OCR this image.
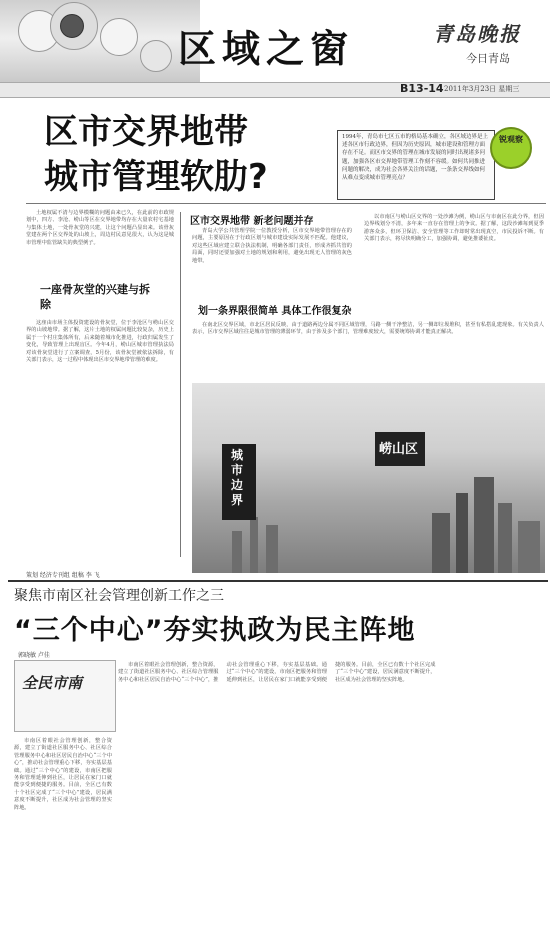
区域之窗	青岛晚报
今日青岛
B13-14 2011年3月23日 星期三
区市交界地带
城市管理软肋?
1994年，青岛市七区五市的格局基本确立，各区域边界是上述各区市行政边界，但因为历史原因，城市建设和管理方面存在不足。而区市交界的管理在城市发展的同时出现诸多问题，加强各区市交界地带管理工作刻不容缓。如何共同推进问题的解决，成为社会各界关注的话题，一条条交界线如何从难点变成城市管理亮点？
锐观察

土地权属不清与边界模糊的问题由来已久，在此前的市政规划中，四方、李沧、崂山等区在交界地带均存在大量农村宅基地与集体土地，一处骨灰堂的兴建，让这个问题凸显出来。该骨灰堂建在两个区交界处的山坡上，周边村民意见很大，认为这是城市管理中监管缺失的典型例子。

一座骨灰堂的兴建与拆除

这座由市场主体投资建设的骨灰堂，位于李沧区与崂山区交界的山坡地带。据了解，这片土地的权属问题比较复杂，历史上属于一个村庄集体所有，后来随着城市化推进，行政归属发生了变化，导致管理上出现盲区。今年4月，崂山区城市管理执法局对该骨灰堂进行了立案调查，5月份，该骨灰堂被依法拆除，有关部门表示，这一过程中体现出区市交界地带管理的难度。

区市交界地带 新老问题并存

青岛大学公共管理学院一位教授分析，区市交界地带管理存在的问题，主要原因在于行政区划与城市建设实际发展不匹配。他建议，对这些区域应建立联合执法机制，明确各部门责任，形成齐抓共管的局面，同时还要加强对土地的规划和利用，避免出现无人管理的灰色地带。

以市南区与崂山区交界的一处沙滩为例，崂山区与市南区在此分界，但因边界线划分不清，多年来一直存在管理上的争议。据了解，这段沙滩每到夏季游客众多，但环卫保洁、安全管理等工作却时常出现真空，市民投诉不断。有关部门表示，将尽快明确分工，加强协调，避免推诿扯皮。

划一条界限很简单 具体工作很复杂

在南北区交界区域，市北区居民反映，由于道路两边分属不同区域管理，马路一侧干净整洁，另一侧却垃圾堆积，甚至有私搭乱建现象。有关负责人表示，区市交界区域往往是城市管理的薄弱环节，由于涉及多个部门，管理难度较大，需要统筹协调才能真正解决。

城市边界
崂山区
策划 经济专刊组 组稿 李 飞
聚焦市南区社会管理创新工作之三
“三个中心”夯实执政为民主阵地
郭晓敏 卢佳
全民市南

市南区着眼社会管理创新，整合资源，建立了街道社区服务中心、社区综合管理服务中心和社区居民自治中心“三个中心”，推动社会管理重心下移，夯实基层基础。通过“三个中心”的建设，市南区把服务和管理延伸到社区，让居民在家门口就能享受到便捷的服务。目前，全区已有数十个社区完成了“三个中心”建设，居民满意度不断提升，社区成为社会管理的坚实阵地。

市南区着眼社会管理创新，整合资源，建立了街道社区服务中心、社区综合管理服务中心和社区居民自治中心“三个中心”，推动社会管理重心下移，夯实基层基础。通过“三个中心”的建设，市南区把服务和管理延伸到社区，让居民在家门口就能享受到便捷的服务。目前，全区已有数十个社区完成了“三个中心”建设，居民满意度不断提升，社区成为社会管理的坚实阵地。
